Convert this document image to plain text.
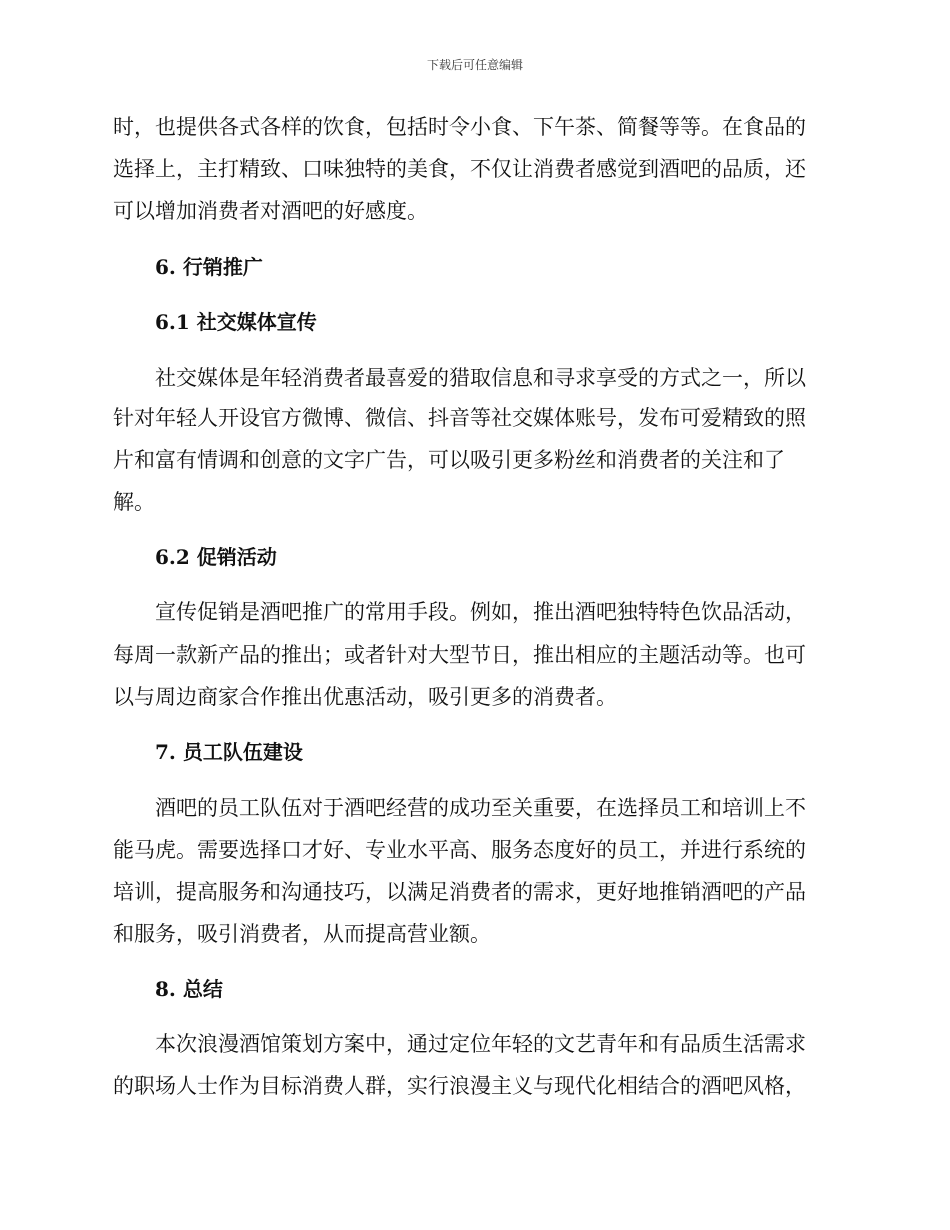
下载后可任意编辑
时，也提供各式各样的饮食，包括时令小食、下午茶、简餐等等。在食品的
选择上，主打精致、口味独特的美食，不仅让消费者感觉到酒吧的品质，还
可以增加消费者对酒吧的好感度。
6. 行销推广
6.1 社交媒体宣传
社交媒体是年轻消费者最喜爱的猎取信息和寻求享受的方式之一，所以
针对年轻人开设官方微博、微信、抖音等社交媒体账号，发布可爱精致的照
片和富有情调和创意的文字广告，可以吸引更多粉丝和消费者的关注和了
解。
6.2 促销活动
宣传促销是酒吧推广的常用手段。例如，推出酒吧独特特色饮品活动，
每周一款新产品的推出；或者针对大型节日，推出相应的主题活动等。也可
以与周边商家合作推出优惠活动，吸引更多的消费者。
7. 员工队伍建设
酒吧的员工队伍对于酒吧经营的成功至关重要，在选择员工和培训上不
能马虎。需要选择口才好、专业水平高、服务态度好的员工，并进行系统的
培训，提高服务和沟通技巧，以满足消费者的需求，更好地推销酒吧的产品
和服务，吸引消费者，从而提高营业额。
8. 总结
本次浪漫酒馆策划方案中，通过定位年轻的文艺青年和有品质生活需求
的职场人士作为目标消费人群，实行浪漫主义与现代化相结合的酒吧风格，
